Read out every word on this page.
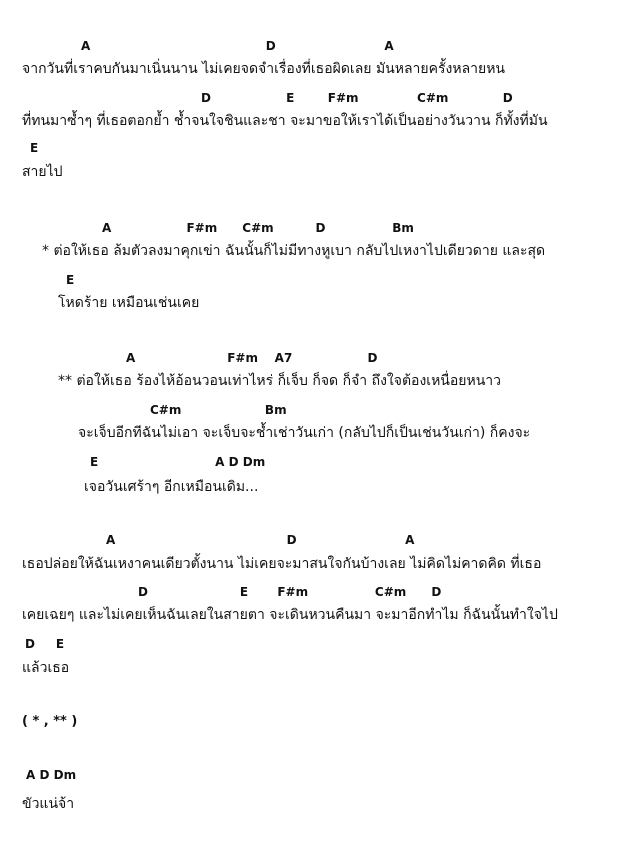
A                                          D                          A
จากวันที่เราคบกันมาเนิ่นนาน ไม่เคยจดจำเรื่องที่เธอผิดเลย มันหลายครั้งหลายหน
D                  E        F#m              C#m             D
ที่ทนมาซ้ำๆ ที่เธอตอกย้ำ ช้ำจนใจชินและชา จะมาขอให้เราได้เป็นอย่างวันวาน ก็ทั้งที่มัน
E
สายไป
A                  F#m      C#m          D                Bm
* ต่อให้เธอ ล้มตัวลงมาคุกเข่า ฉันนั้นก็ไม่มีทางหูเบา กลับไปเหงาไปเดียวดาย และสุด
E
โหดร้าย เหมือนเช่นเคย
A                      F#m    A7                  D
** ต่อให้เธอ ร้องไห้อ้อนวอนเท่าไหร่ ก็เจ็บ ก็จด ก็จำ ถึงใจต้องเหนื่อยหนาว
C#m                    Bm
จะเจ็บอีกทีฉันไม่เอา จะเจ็บจะช้ำเช่าวันเก่า (กลับไปก็เป็นเช่นวันเก่า) ก็คงจะ
E                            A D Dm
เจอวันเศร้าๆ อีกเหมือนเดิม...
A                                         D                          A
เธอปล่อยให้ฉันเหงาคนเดียวตั้งนาน ไม่เคยจะมาสนใจกันบ้างเลย ไม่คิดไม่คาดคิด ที่เธอ
D                      E       F#m                C#m      D
เคยเฉยๆ และไม่เคยเห็นฉันเลยในสายตา จะเดินหวนคืนมา จะมาอีกทำไม ก็ฉันนั้นทำใจไป
D     E
แล้วเธอ
( * , ** )
A D Dm
ขัวแน่จ้า
